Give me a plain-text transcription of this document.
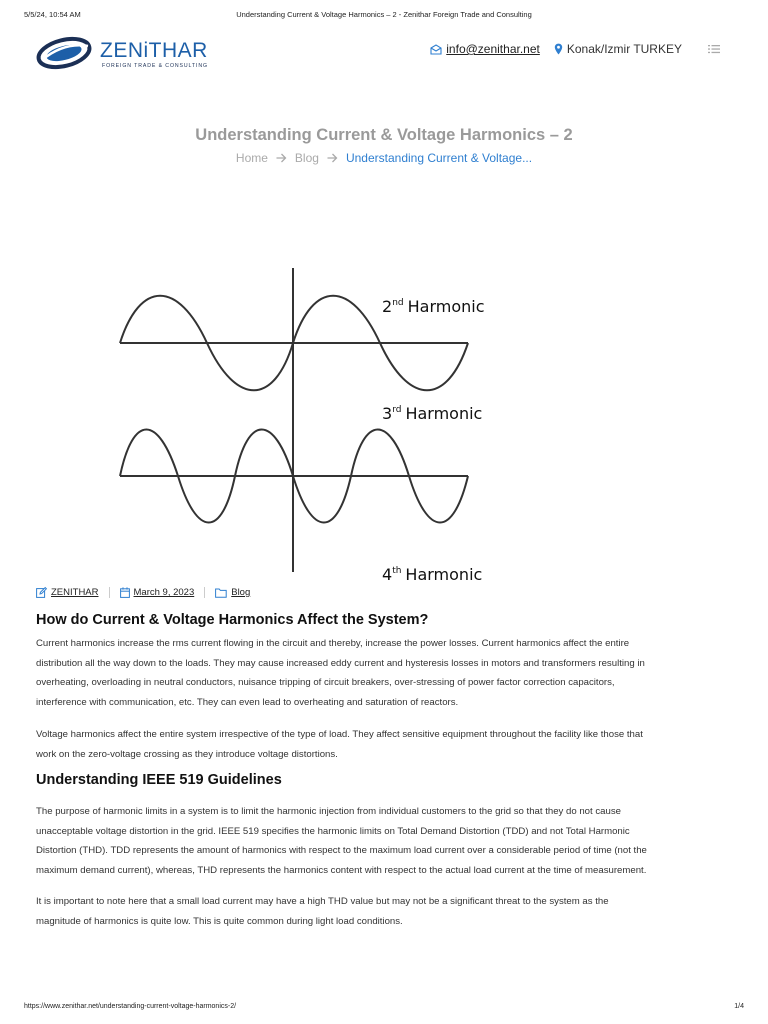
5/5/24, 10:54 AM	Understanding Current & Voltage Harmonics – 2 - Zenithar Foreign Trade and Consulting
ZENiTHAR
FOREIGN TRADE & CONSULTING
info@zenithar.net Konak/Izmir TURKEY
Understanding Current & Voltage Harmonics – 2
Home Blog Understanding Current & Voltage...
2nd Harmonic
3rd Harmonic
4th Harmonic
ZENITHAR	March 9, 2023	Blog
How do Current & Voltage Harmonics Affect the System?

Current harmonics increase the rms current flowing in the circuit and thereby, increase the power losses. Current harmonics affect the entire
distribution all the way down to the loads. They may cause increased eddy current and hysteresis losses in motors and transformers resulting in
overheating, overloading in neutral conductors, nuisance tripping of circuit breakers, over-stressing of power factor correction capacitors,
interference with communication, etc. They can even lead to overheating and saturation of reactors.

Voltage harmonics affect the entire system irrespective of the type of load. They affect sensitive equipment throughout the facility like those that
work on the zero-voltage crossing as they introduce voltage distortions.

Understanding IEEE 519 Guidelines

The purpose of harmonic limits in a system is to limit the harmonic injection from individual customers to the grid so that they do not cause
unacceptable voltage distortion in the grid. IEEE 519 specifies the harmonic limits on Total Demand Distortion (TDD) and not Total Harmonic
Distortion (THD). TDD represents the amount of harmonics with respect to the maximum load current over a considerable period of time (not the
maximum demand current), whereas, THD represents the harmonics content with respect to the actual load current at the time of measurement.

It is important to note here that a small load current may have a high THD value but may not be a significant threat to the system as the
magnitude of harmonics is quite low. This is quite common during light load conditions.

https://www.zenithar.net/understanding-current-voltage-harmonics-2/	1/4
